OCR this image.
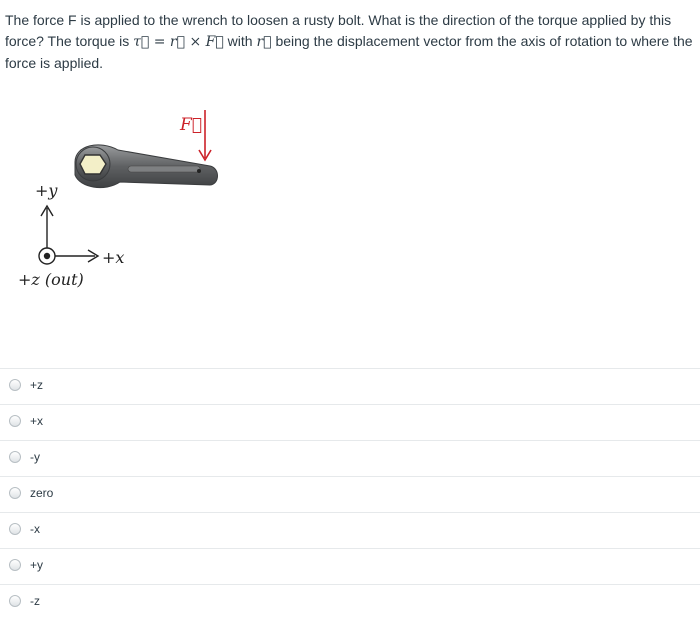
The force F is applied to the wrench to loosen a rusty bolt. What is the direction of the torque applied by this force? The torque is τ⃗ = r⃗ × F⃗ with r⃗ being the displacement vector from the axis of rotation to where the force is applied.
F⃗
+y
+x
+z (out)
+z
+x
-y
zero
-x
+y
-z
